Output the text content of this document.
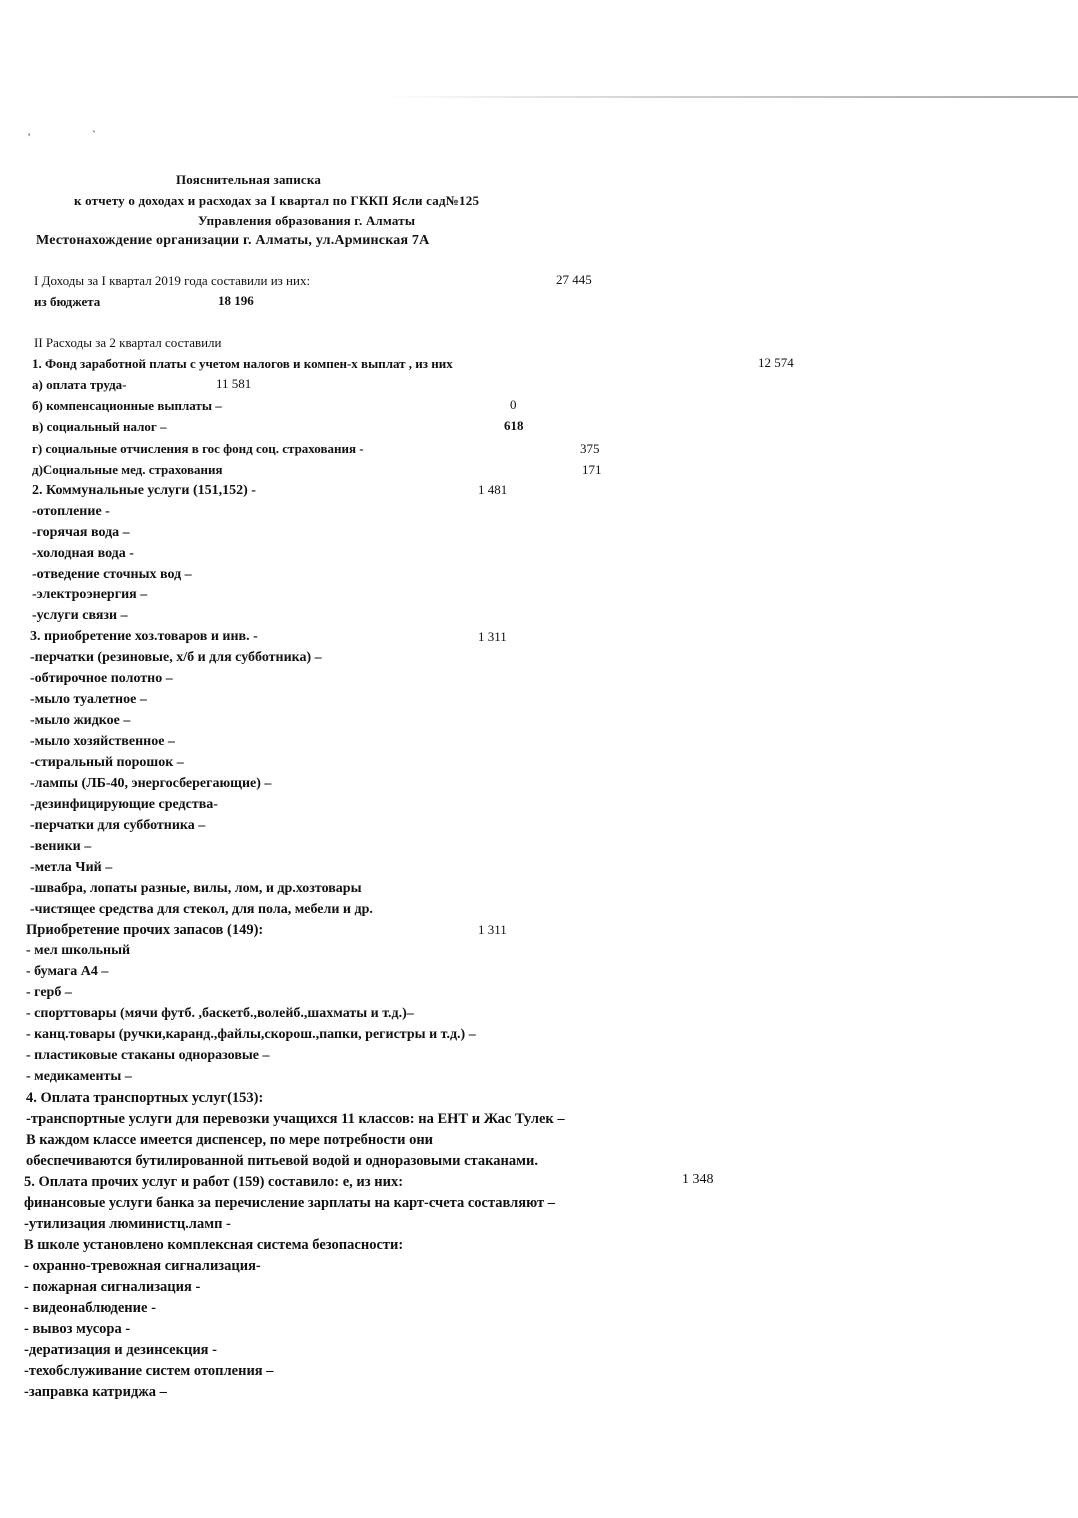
'	`
Пояснительная записка
к отчету о доходах и расходах за I квартал по ГККП Ясли сад№125
Управления образования г. Алматы
Местонахождение организации г. Алматы, ул.Арминская 7А
I Доходы за I квартал 2019 года составили из них:	27 445
из бюджета	18 196
II Расходы за 2 квартал составили
1. Фонд заработной платы с учетом налогов и компен-х выплат , из них	12 574
а) оплата труда-	11 581
б) компенсационные выплаты –	0
в) социальный налог –	618
г) социальные отчисления в гос фонд соц. страхования -	375
д)Социальные мед. страхования	171
2. Коммунальные услуги (151,152) -	1 481
-отопление -
-горячая вода –
-холодная вода -
-отведение сточных вод –
-электроэнергия –
-услуги связи –
3. приобретение хоз.товаров и инв. -	1 311
-перчатки (резиновые, х/б и для субботника) –
-обтирочное полотно –
-мыло туалетное –
-мыло жидкое –
-мыло хозяйственное –
-стиральный порошок –
-лампы (ЛБ-40, энергосберегающие) –
-дезинфицирующие средства-
-перчатки для субботника –
-веники –
-метла Чий –
-швабра, лопаты разные, вилы, лом, и др.хозтовары
-чистящее средства для стекол, для пола, мебели и др.
Приобретение прочих запасов (149):	1 311
- мел школьный
- бумага А4 –
- герб –
- спорттовары (мячи футб. ,баскетб.,волейб.,шахматы и т.д.)–
- канц.товары (ручки,каранд.,файлы,скорош.,папки, регистры и т.д.) –
- пластиковые стаканы одноразовые –
- медикаменты –
4. Оплата транспортных услуг(153):
-транспортные услуги для перевозки учащихся 11 классов: на ЕНТ и Жас Тулек –
В каждом классе имеется диспенсер, по мере потребности они
обеспечиваются бутилированной питьевой водой и одноразовыми стаканами.
5. Оплата прочих услуг и работ (159) составило: е, из них:	1 348
финансовые услуги банка за перечисление зарплаты на карт-счета составляют –
-утилизация люминистц.ламп -
В школе установлено комплексная система безопасности:
- охранно-тревожная сигнализация-
- пожарная сигнализация -
- видеонаблюдение -
- вывоз мусора -
-дератизация и дезинсекция -
-техобслуживание систем отопления –
-заправка катриджа –
